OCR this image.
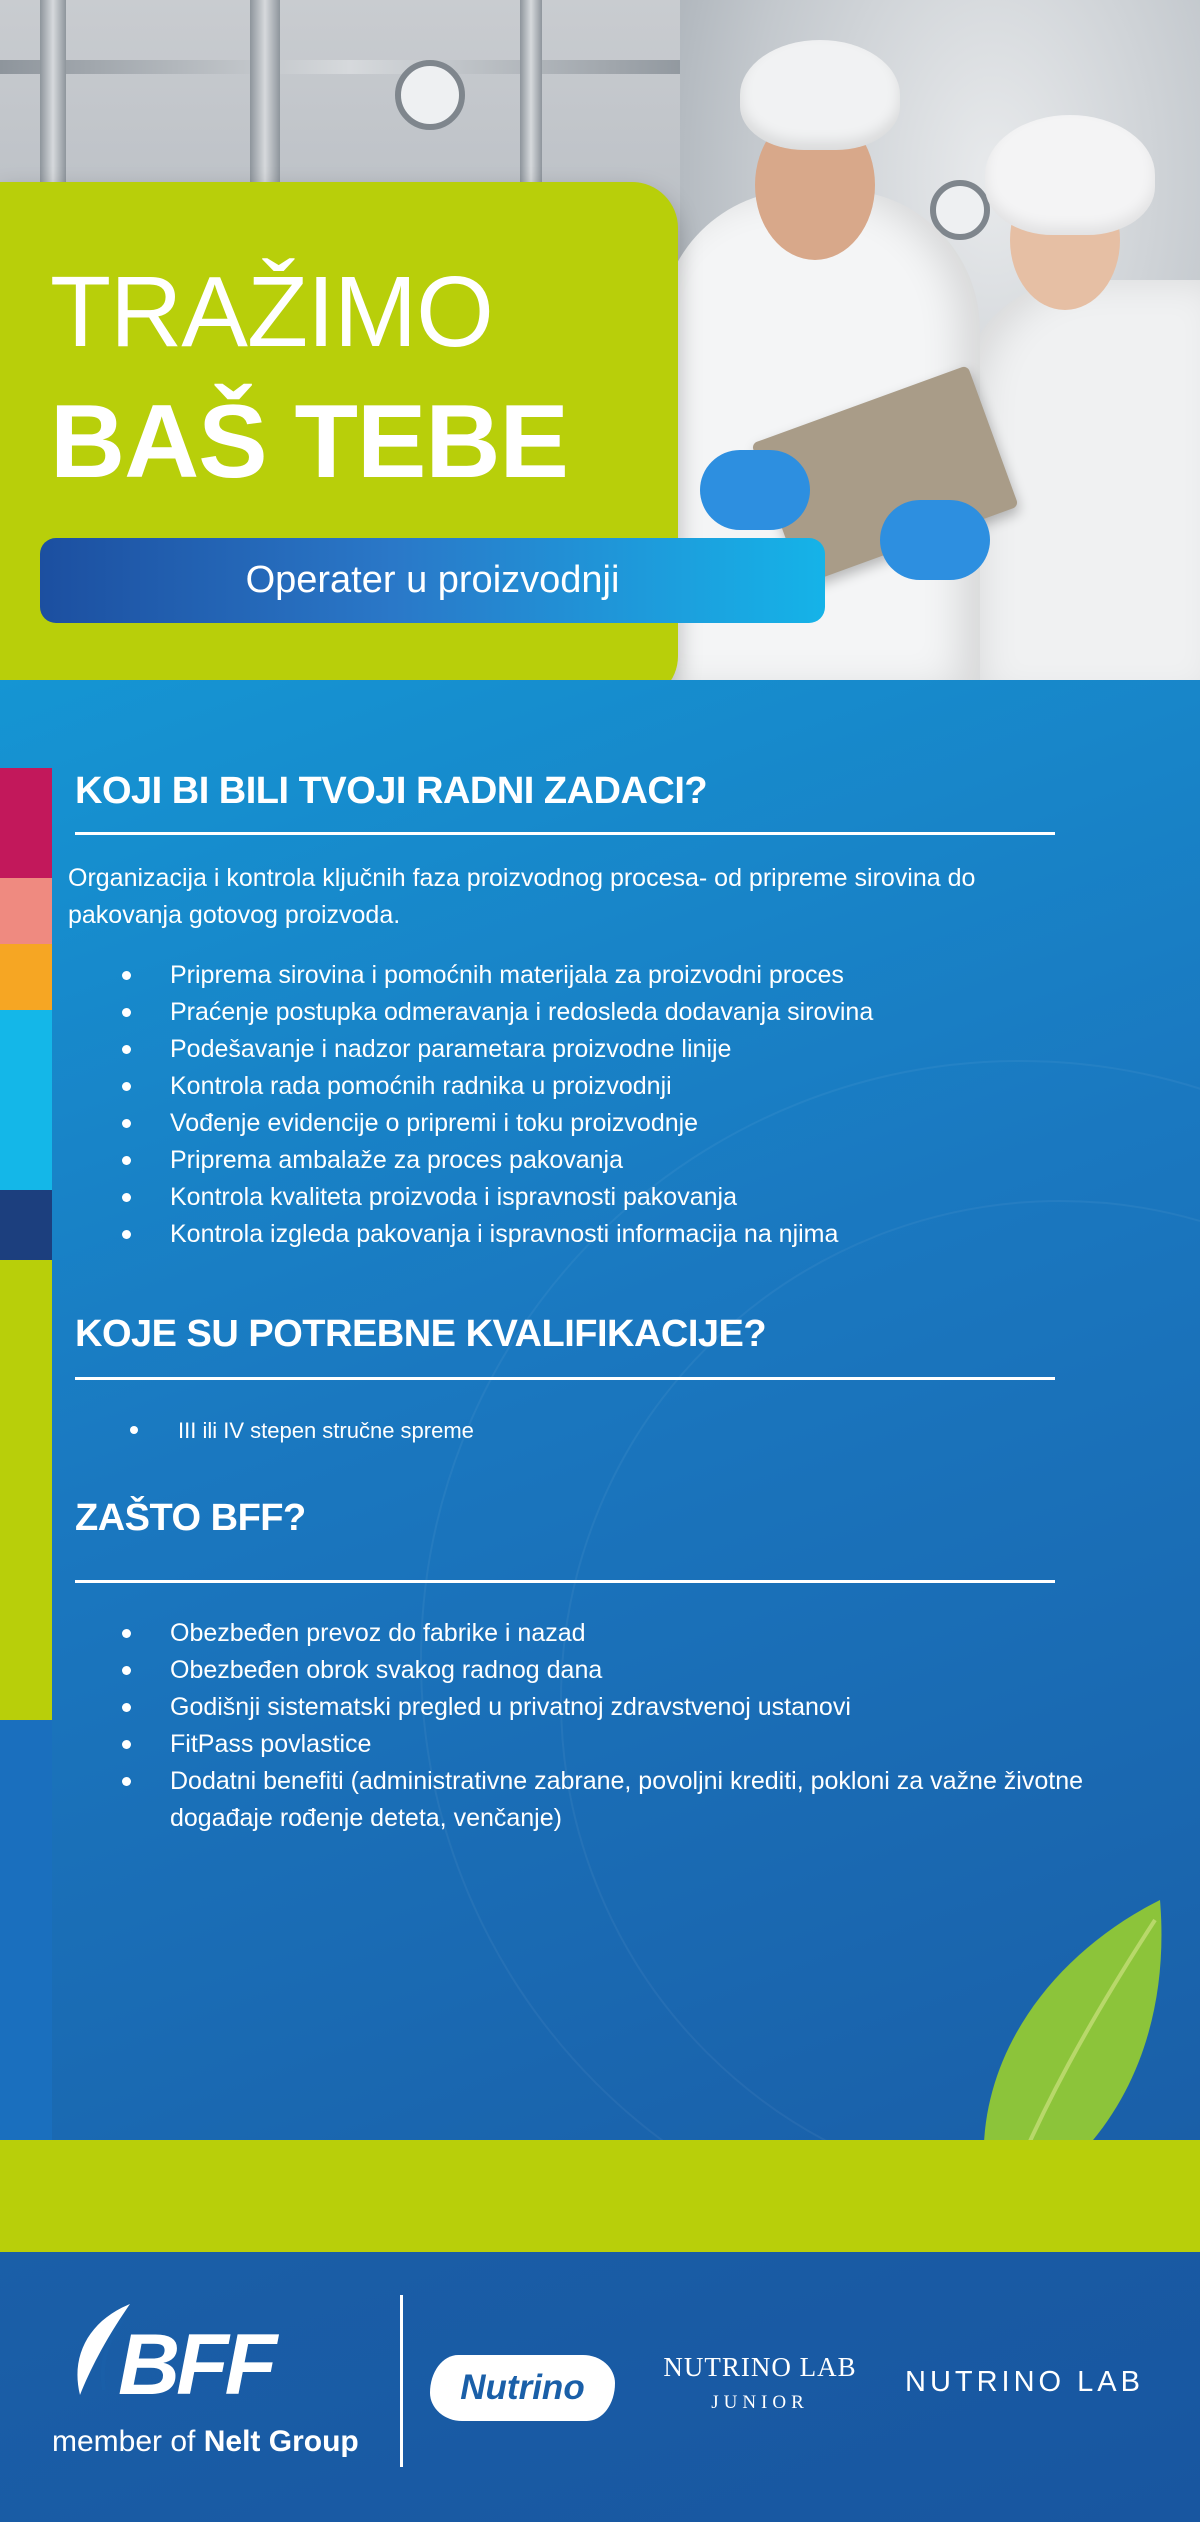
TRAŽIMO
BAŠ TEBE
Operater u proizvodnji
KOJI BI BILI TVOJI RADNI ZADACI?
Organizacija i kontrola ključnih faza proizvodnog procesa- od pripreme sirovina do pakovanja gotovog proizvoda.
Priprema sirovina i pomoćnih materijala za proizvodni proces
Praćenje postupka odmeravanja i redosleda dodavanja sirovina
Podešavanje i nadzor parametara proizvodne linije
Kontrola rada pomoćnih radnika u proizvodnji
Vođenje evidencije o pripremi i toku proizvodnje
Priprema ambalaže za proces pakovanja
Kontrola kvaliteta proizvoda i ispravnosti pakovanja
Kontrola izgleda pakovanja i ispravnosti informacija na njima
KOJE SU POTREBNE KVALIFIKACIJE?
III ili IV stepen stručne spreme
ZAŠTO BFF?
Obezbeđen prevoz do fabrike i nazad
Obezbeđen obrok svakog radnog dana
Godišnji sistematski pregled u privatnoj zdravstvenoj ustanovi
FitPass povlastice
Dodatni benefiti (administrativne zabrane, povoljni krediti, pokloni za važne životne događaje rođenje deteta, venčanje)
BFF
member of Nelt Group
Nutrino
NUTRINO LAB
JUNIOR
NUTRINO LAB
